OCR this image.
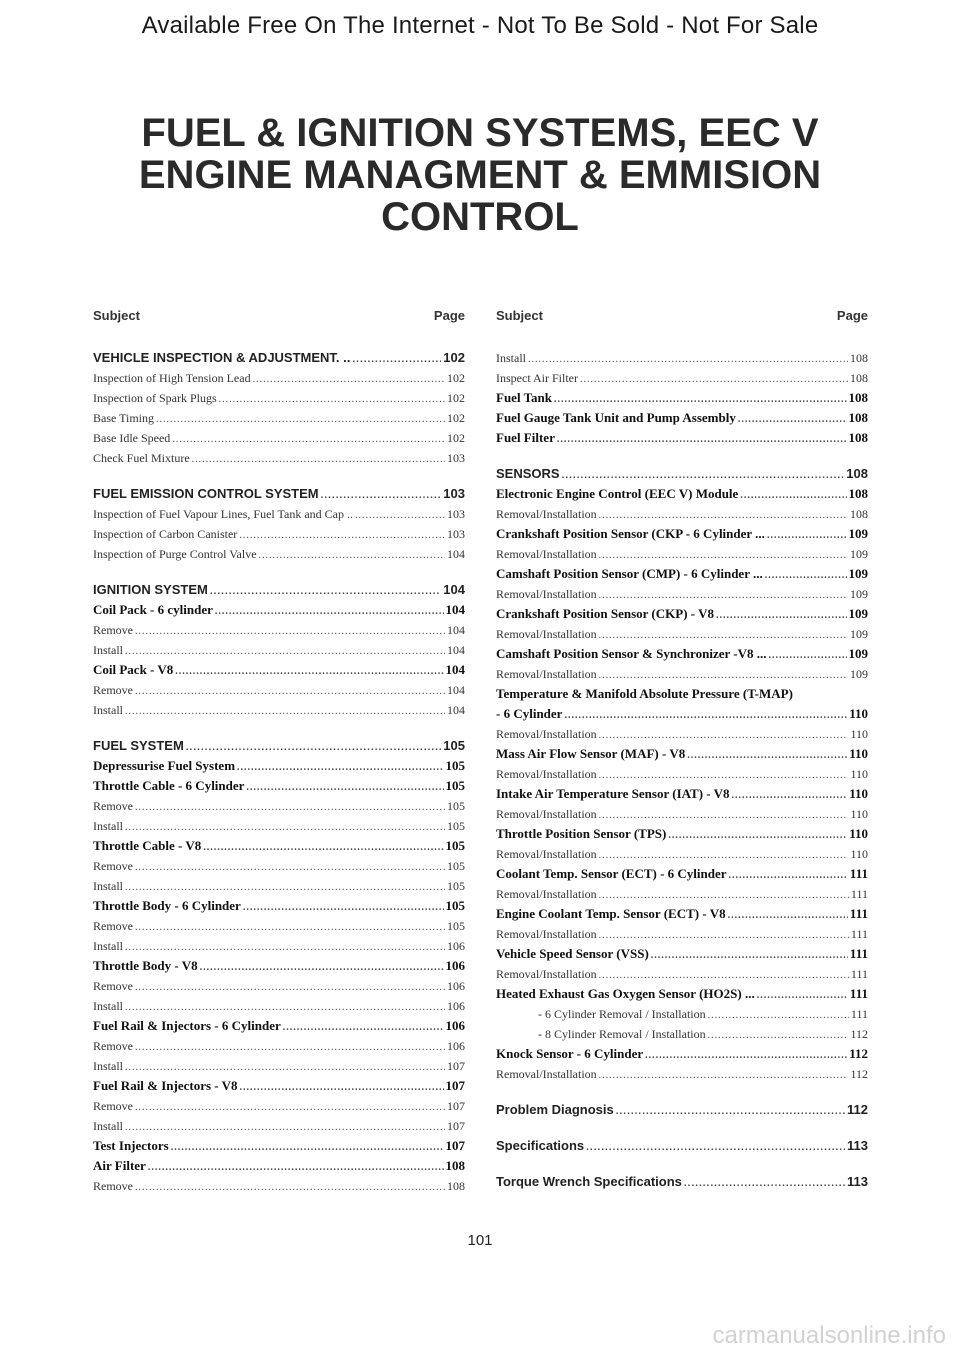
Available Free On The Internet - Not To Be Sold - Not For Sale
FUEL & IGNITION SYSTEMS, EEC V
ENGINE MANAGMENT & EMMISION
CONTROL
Subject	Page
VEHICLE INSPECTION & ADJUSTMENT. .. .....	102
Inspection of High Tension Lead .....	102
Inspection of Spark Plugs .....	102
Base Timing .....	102
Base Idle Speed .....	102
Check Fuel Mixture .....	103
FUEL EMISSION CONTROL SYSTEM .....	103
Inspection of Fuel Vapour Lines, Fuel Tank and Cap .. .....	103
Inspection of Carbon Canister .....	103
Inspection of Purge Control Valve .....	104
IGNITION SYSTEM .....	104
Coil Pack - 6 cylinder .....	104
Remove .....	104
Install .....	104
Coil Pack - V8 .....	104
Remove .....	104
Install .....	104
FUEL SYSTEM .....	105
Depressurise Fuel System .....	105
Throttle Cable - 6 Cylinder .....	105
Remove .....	105
Install .....	105
Throttle Cable - V8 .....	105
Remove .....	105
Install .....	105
Throttle Body - 6 Cylinder .....	105
Remove .....	105
Install .....	106
Throttle Body - V8 .....	106
Remove .....	106
Install .....	106
Fuel Rail & Injectors - 6 Cylinder .....	106
Remove .....	106
Install .....	107
Fuel Rail & Injectors - V8 .....	107
Remove .....	107
Install .....	107
Test Injectors .....	107
Air Filter .....	108
Remove .....	108
Subject	Page
Install .....	108
Inspect Air Filter .....	108
Fuel Tank .....	108
Fuel Gauge Tank Unit and Pump Assembly .....	108
Fuel Filter .....	108
SENSORS .....	108
Electronic Engine Control (EEC V) Module .....	108
Removal/Installation .....	108
Crankshaft Position Sensor (CKP - 6 Cylinder ... .....	109
Removal/Installation .....	109
Camshaft Position Sensor (CMP) - 6 Cylinder ... .....	109
Removal/Installation .....	109
Crankshaft Position Sensor (CKP) - V8 .....	109
Removal/Installation .....	109
Camshaft Position Sensor & Synchronizer -V8 ... .....	109
Removal/Installation .....	109
Temperature & Manifold Absolute Pressure (T-MAP)
- 6 Cylinder .....	110
Removal/Installation .....	110
Mass Air Flow Sensor (MAF) - V8 .....	110
Removal/Installation .....	110
Intake Air Temperature Sensor (IAT) - V8 .....	110
Removal/Installation .....	110
Throttle Position Sensor (TPS) .....	110
Removal/Installation .....	110
Coolant Temp. Sensor (ECT) - 6 Cylinder .....	111
Removal/Installation .....	111
Engine Coolant Temp. Sensor (ECT) - V8 .....	111
Removal/Installation .....	111
Vehicle Speed Sensor (VSS) .....	111
Removal/Installation .....	111
Heated Exhaust Gas Oxygen Sensor (HO2S) ... .....	111
- 6 Cylinder Removal / Installation .....	111
- 8 Cylinder Removal / Installation .....	112
Knock Sensor - 6 Cylinder .....	112
Removal/Installation .....	112
Problem Diagnosis .....	112
Specifications .....	113
Torque Wrench Specifications .....	113
101
carmanualsonline.info
